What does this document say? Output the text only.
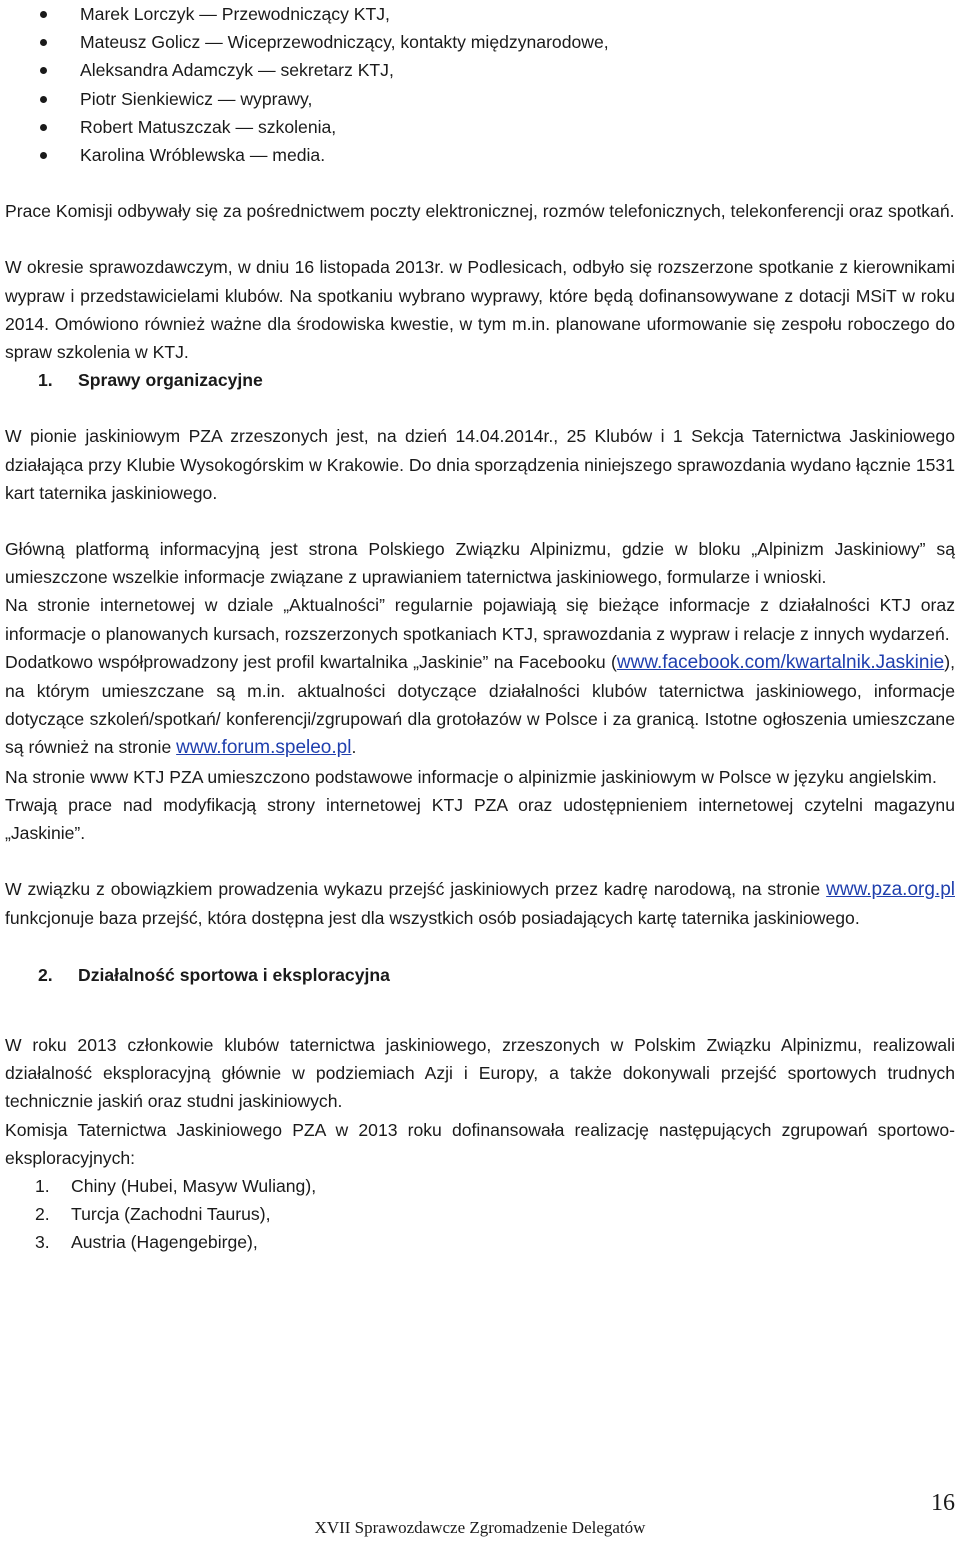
Marek Lorczyk — Przewodniczący KTJ,
Mateusz Golicz — Wiceprzewodniczący, kontakty międzynarodowe,
Aleksandra Adamczyk — sekretarz KTJ,
Piotr Sienkiewicz — wyprawy,
Robert Matuszczak — szkolenia,
Karolina Wróblewska — media.

Prace Komisji odbywały się za pośrednictwem poczty elektronicznej, rozmów telefonicznych, telekonferencji oraz spotkań.

W okresie sprawozdawczym, w dniu 16 listopada 2013r. w Podlesicach, odbyło się rozszerzone spotkanie z kierownikami wypraw i przedstawicielami klubów. Na spotkaniu wybrano wyprawy, które będą dofinansowywane z dotacji MSiT w roku 2014. Omówiono również ważne dla środowiska kwestie, w tym m.in. planowane uformowanie się zespołu roboczego do spraw szkolenia w KTJ.

1. Sprawy organizacyjne

W pionie jaskiniowym PZA zrzeszonych jest, na dzień 14.04.2014r., 25 Klubów i 1 Sekcja Taternictwa Jaskiniowego działająca przy Klubie Wysokogórskim w Krakowie. Do dnia sporządzenia niniejszego sprawozdania wydano łącznie 1531 kart taternika jaskiniowego.

Główną platformą informacyjną jest strona Polskiego Związku Alpinizmu, gdzie w bloku „Alpinizm Jaskiniowy” są umieszczone wszelkie informacje związane z uprawianiem taternictwa jaskiniowego, formularze i wnioski.

Na stronie internetowej w dziale „Aktualności” regularnie pojawiają się bieżące informacje z działalności KTJ oraz informacje o planowanych kursach, rozszerzonych spotkaniach KTJ, sprawozdania z wypraw i relacje z innych wydarzeń.

Dodatkowo współprowadzony jest profil kwartalnika „Jaskinie” na Facebooku (www.facebook.com/kwartalnik.Jaskinie), na którym umieszczane są m.in. aktualności dotyczące działalności klubów taternictwa jaskiniowego, informacje dotyczące szkoleń/spotkań/ konferencji/zgrupowań dla grotołazów w Polsce i za granicą. Istotne ogłoszenia umieszczane są również na stronie www.forum.speleo.pl.

Na stronie www KTJ PZA umieszczono podstawowe informacje o alpinizmie jaskiniowym w Polsce w języku angielskim.

Trwają prace nad modyfikacją strony internetowej KTJ PZA oraz udostępnieniem internetowej czytelni magazynu „Jaskinie”.

W związku z obowiązkiem prowadzenia wykazu przejść jaskiniowych przez kadrę narodową, na stronie www.pza.org.pl funkcjonuje baza przejść, która dostępna jest dla wszystkich osób posiadających kartę taternika jaskiniowego.

2. Działalność sportowa i eksploracyjna

W roku 2013 członkowie klubów taternictwa jaskiniowego, zrzeszonych w Polskim Związku Alpinizmu, realizowali działalność eksploracyjną głównie w podziemiach Azji i Europy, a także dokonywali przejść sportowych trudnych technicznie jaskiń oraz studni jaskiniowych.

Komisja Taternictwa Jaskiniowego PZA w 2013 roku dofinansowała realizację następujących zgrupowań sportowo-eksploracyjnych:

1. Chiny (Hubei, Masyw Wuliang),
2. Turcja (Zachodni Taurus),
3. Austria (Hagengebirge),
16
XVII Sprawozdawcze Zgromadzenie Delegatów
